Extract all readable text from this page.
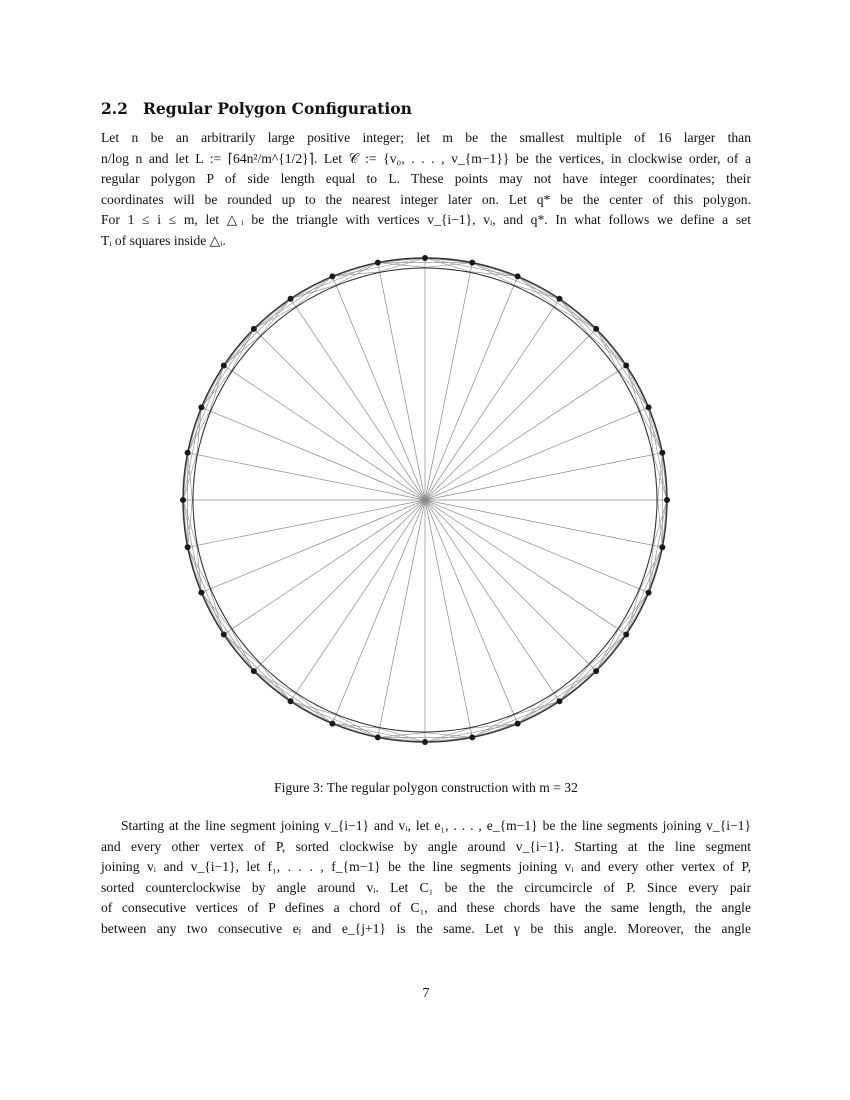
2.2 Regular Polygon Configuration

Let n be an arbitrarily large positive integer; let m be the smallest multiple of 16 larger than

n/log n and let L := ⌈64n²/m^{1/2}⌉. Let 𝒞 := {v₀, . . . , v_{m−1}} be the vertices, in clockwise order, of a

regular polygon P of side length equal to L. These points may not have integer coordinates; their

coordinates will be rounded up to the nearest integer later on. Let q* be the center of this polygon.

For 1 ≤ i ≤ m, let △ᵢ be the triangle with vertices v_{i−1}, vᵢ, and q*. In what follows we define a set

Tᵢ of squares inside △ᵢ.

Figure 3: The regular polygon construction with m = 32

Starting at the line segment joining v_{i−1} and vᵢ, let e₁, . . . , e_{m−1} be the line segments joining v_{i−1}

and every other vertex of P, sorted clockwise by angle around v_{i−1}. Starting at the line segment

joining vᵢ and v_{i−1}, let f₁, . . . , f_{m−1} be the line segments joining vᵢ and every other vertex of P,

sorted counterclockwise by angle around vᵢ. Let C₁ be the the circumcircle of P. Since every pair

of consecutive vertices of P defines a chord of C₁, and these chords have the same length, the angle

between any two consecutive eⱼ and e_{j+1} is the same. Let γ be this angle. Moreover, the angle

7
